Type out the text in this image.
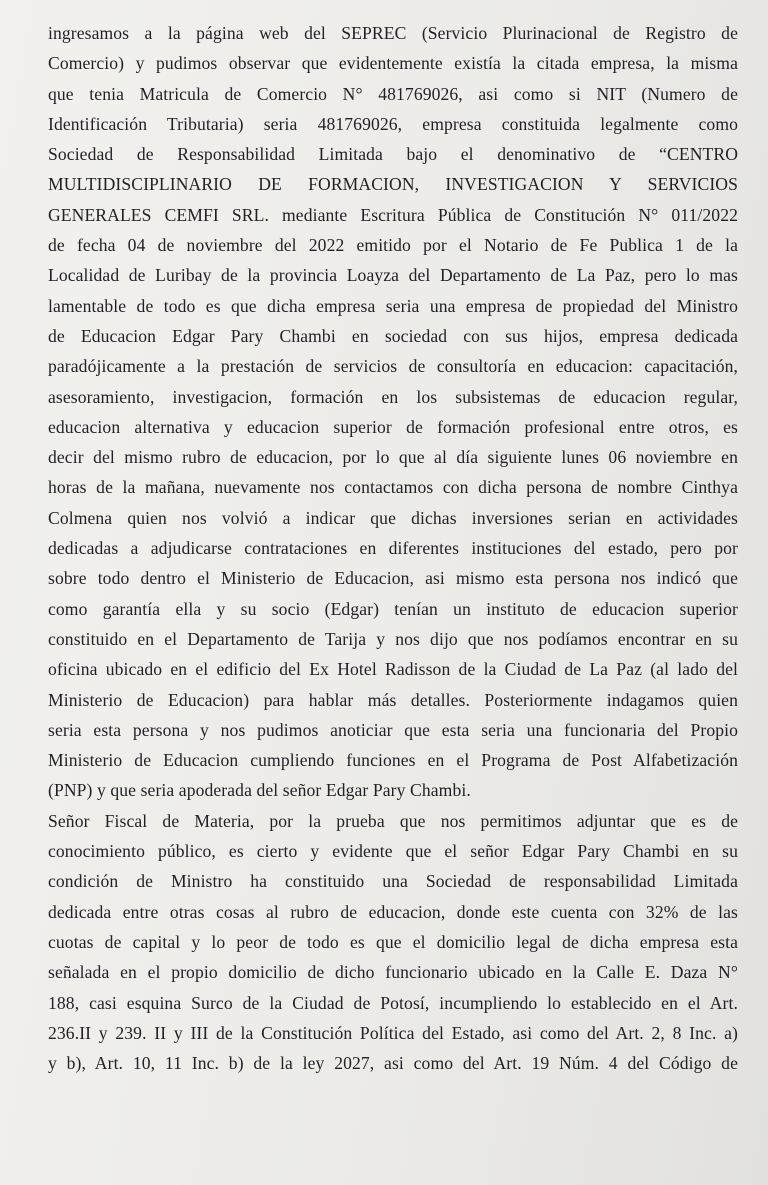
ingresamos a la página web del SEPREC (Servicio Plurinacional de Registro de
Comercio) y pudimos observar que evidentemente existía la citada empresa, la misma
que tenia Matricula de Comercio N° 481769026, asi como si NIT (Numero de
Identificación Tributaria) seria 481769026, empresa constituida legalmente como
Sociedad de Responsabilidad Limitada bajo el denominativo de “CENTRO
MULTIDISCIPLINARIO DE FORMACION, INVESTIGACION Y SERVICIOS
GENERALES CEMFI SRL. mediante Escritura Pública de Constitución N° 011/2022
de fecha 04 de noviembre del 2022 emitido por el Notario de Fe Publica 1 de la
Localidad de Luribay de la provincia Loayza del Departamento de La Paz, pero lo mas
lamentable de todo es que dicha empresa seria una empresa de propiedad del Ministro
de Educacion Edgar Pary Chambi en sociedad con sus hijos, empresa dedicada
paradójicamente a la prestación de servicios de consultoría en educacion: capacitación,
asesoramiento, investigacion, formación en los subsistemas de educacion regular,
educacion alternativa y educacion superior de formación profesional entre otros, es
decir del mismo rubro de educacion, por lo que al día siguiente lunes 06 noviembre en
horas de la mañana, nuevamente nos contactamos con dicha persona de nombre Cinthya
Colmena quien nos volvió a indicar que dichas inversiones serian en actividades
dedicadas a adjudicarse contrataciones en diferentes instituciones del estado, pero por
sobre todo dentro el Ministerio de Educacion, asi mismo esta persona nos indicó que
como garantía ella y su socio (Edgar) tenían un instituto de educacion superior
constituido en el Departamento de Tarija y nos dijo que nos podíamos encontrar en su
oficina ubicado en el edificio del Ex Hotel Radisson de la Ciudad de La Paz (al lado del
Ministerio de Educacion) para hablar más detalles. Posteriormente indagamos quien
seria esta persona y nos pudimos anoticiar que esta seria una funcionaria del Propio
Ministerio de Educacion cumpliendo funciones en el Programa de Post Alfabetización
(PNP) y que seria apoderada del señor Edgar Pary Chambi.
Señor Fiscal de Materia, por la prueba que nos permitimos adjuntar que es de
conocimiento público, es cierto y evidente que el señor Edgar Pary Chambi en su
condición de Ministro ha constituido una Sociedad de responsabilidad Limitada
dedicada entre otras cosas al rubro de educacion, donde este cuenta con 32% de las
cuotas de capital y lo peor de todo es que el domicilio legal de dicha empresa esta
señalada en el propio domicilio de dicho funcionario ubicado en la Calle E. Daza N°
188, casi esquina Surco de la Ciudad de Potosí, incumpliendo lo establecido en el Art.
236.II y 239. II y III de la Constitución Política del Estado, asi como del Art. 2, 8 Inc. a)
y b), Art. 10, 11 Inc. b) de la ley 2027, asi como del Art. 19 Núm. 4 del Código de
